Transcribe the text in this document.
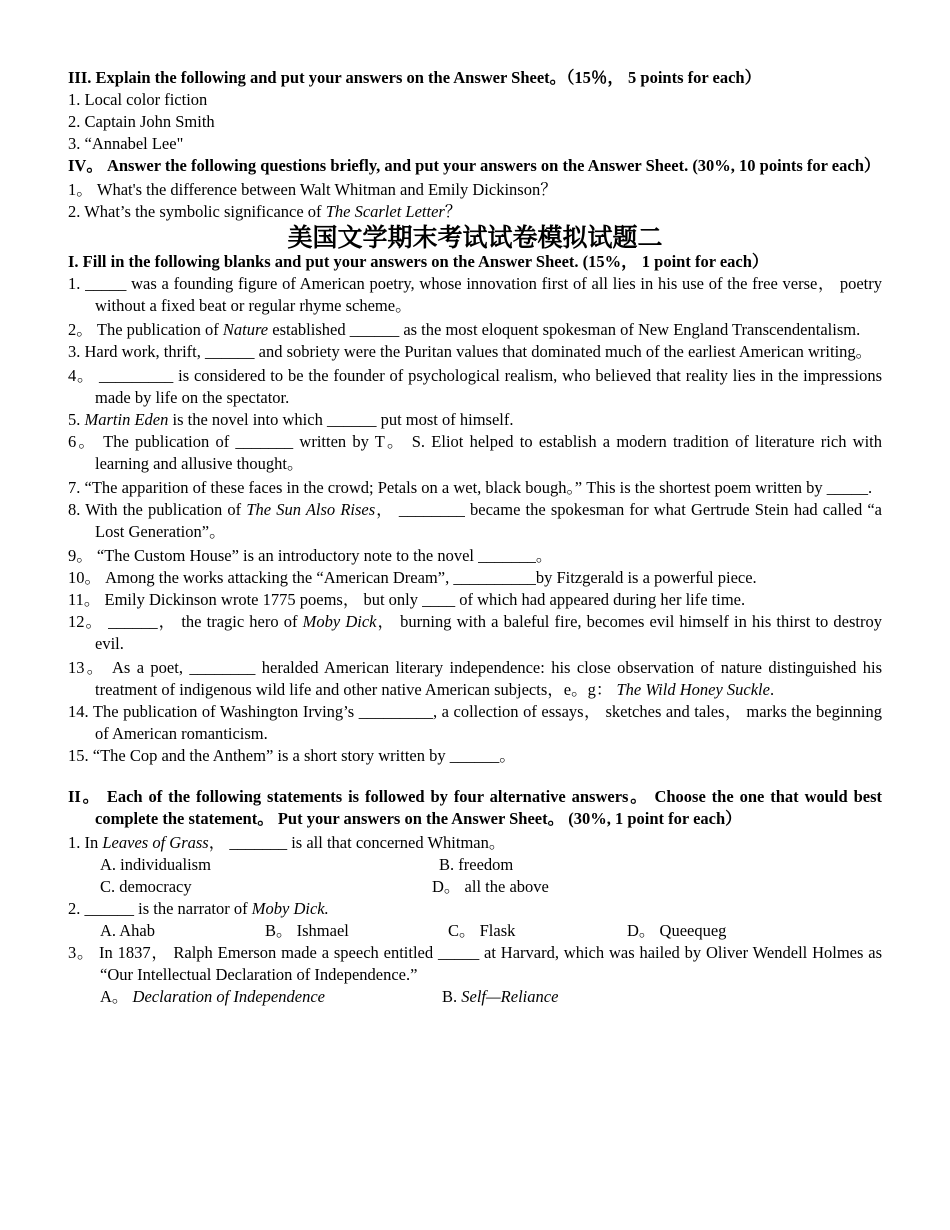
III. Explain the following and put your answers on the Answer Sheet。（15％， 5 points for each）
1. Local color fiction
2. Captain John Smith
3. “Annabel Lee"
IV。 Answer the following questions briefly, and put your answers on the Answer Sheet. (30%, 10 points for each）
1。 What's the difference between Walt Whitman and Emily Dickinson？
2. What’s the symbolic significance of The Scarlet Letter？
美国文学期末考试试卷模拟试题二
I. Fill in the following blanks and put your answers on the Answer Sheet. (15%， 1 point for each）
1. _____ was a founding figure of American poetry, whose innovation first of all lies in his use of the free verse， poetry without a fixed beat or regular rhyme scheme。
2。 The publication of Nature established ______ as the most eloquent spokesman of New England Transcendentalism.
3. Hard work, thrift, ______ and sobriety were the Puritan values that dominated much of the earliest American writing。
4。 _________ is considered to be the founder of psychological realism, who believed that reality lies in the impressions made by life on the spectator.
5. Martin Eden is the novel into which ______ put most of himself.
6。 The publication of _______ written by T。 S. Eliot helped to establish a modern tradition of literature rich with learning and allusive thought。
7. “The apparition of these faces in the crowd; Petals on a wet, black bough。” This is the shortest poem written by _____.
8. With the publication of The Sun Also Rises， ________ became the spokesman for what Gertrude Stein had called “a Lost Generation”。
9。 “The Custom House” is an introductory note to the novel _______。
10。 Among the works attacking the “American Dream”, __________by Fitzgerald is a powerful piece.
11。 Emily Dickinson wrote 1775 poems， but only ____ of which had appeared during her life time.
12。 ______， the tragic hero of Moby Dick， burning with a baleful fire, becomes evil himself in his thirst to destroy evil.
13。 As a poet, ________ heralded American literary independence: his close observation of nature distinguished his treatment of indigenous wild life and other native American subjects，e。g： The Wild Honey Suckle.
14. The publication of Washington Irving’s _________, a collection of essays， sketches and tales， marks the beginning of American romanticism.
15. “The Cop and the Anthem” is a short story written by ______。
II。 Each of the following statements is followed by four alternative answers。 Choose the one that would best complete the statement。 Put your answers on the Answer Sheet。 (30%, 1 point for each）
1. In Leaves of Grass， _______ is all that concerned Whitman。
A. individualism	B. freedom
C. democracy	D。 all the above
2. ______ is the narrator of Moby Dick.
A. Ahab	B。 Ishmael	C。 Flask	D。 Queequeg
3。 In 1837， Ralph Emerson made a speech entitled _____ at Harvard, which was hailed by Oliver Wendell Holmes as “Our Intellectual Declaration of Independence.”
A。 Declaration of Independence	B. Self—Reliance
